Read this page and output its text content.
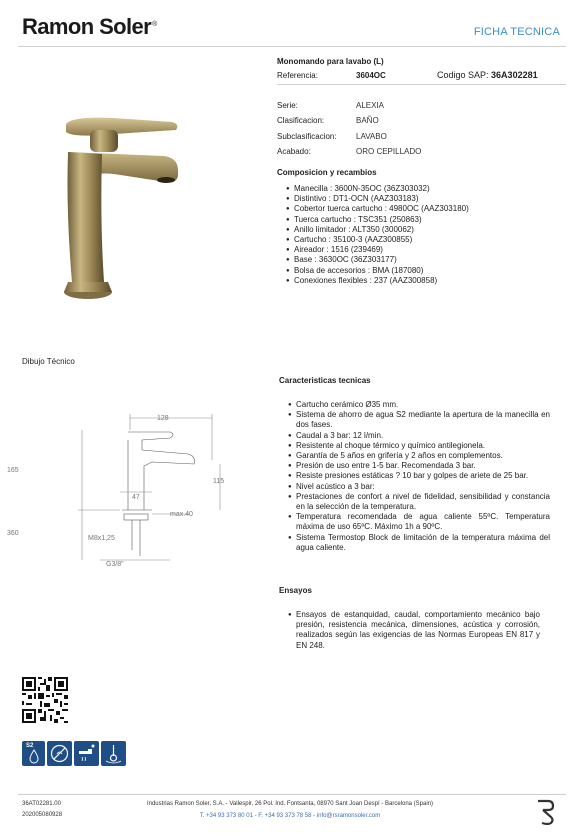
Ramon Soler®
FICHA TECNICA
Monomando para lavabo (L)
Referencia:	3604OC	Codigo SAP: 36A302281
Serie:	ALEXIA
Clasificacion:	BAÑO
Subclasificacion:	LAVABO
Acabado:	ORO CEPILLADO
Composicion y recambios
● Manecilla : 3600N-35OC (36Z303032)
● Distintivo : DT1-OCN (AAZ303183)
● Cobertor tuerca cartucho : 4980OC (AAZ303180)
● Tuerca cartucho : TSC351 (250863)
● Anillo limitador : ALT350 (300062)
● Cartucho : 35100-3 (AAZ300855)
● Aireador : 1516 (239469)
● Base : 3630OC (36Z303177)
● Bolsa de accesorios : BMA (187080)
● Conexiones flexibles : 237 (AAZ300858)
Dibujo Técnico
128
165
115
47
max.40
360
M8x1,25
G3/8"
Caracteristicas tecnicas
● Cartucho cerámico Ø35 mm.
● Sistema de ahorro de agua S2 mediante la apertura de la manecilla en dos fases.
● Caudal a 3 bar: 12 l/min.
● Resistente al choque térmico y químico antilegionela.
● Garantía de 5 años en grifería y 2 años en complementos.
● Presión de uso entre 1-5 bar. Recomendada 3 bar.
● Resiste presiones estáticas ? 10 bar y golpes de ariete de 25 bar.
● Nivel acústico a 3 bar:
● Prestaciones de confort a nivel de fidelidad, sensibilidad y constancia en la selección de la temperatura.
● Temperatura recomendada de agua caliente 55ºC. Temperatura máxima de uso 65ºC. Máximo 1h a 90ºC.
● Sistema Termostop Block de limitación de la temperatura máxima del agua caliente.
Ensayos
● Ensayos de estanquidad, caudal, comportamiento mecánico bajo presión, resistencia mecánica, dimensiones, acústica y corrosión, realizados según las exigencias de las Normas Europeas EN 817 y EN 248.
S2
36AT02281.00
202005080928
Industrias Ramon Soler, S.A. - Vallespir, 26 Pol. Ind. Fontsanta, 08970 Sant Joan Despí - Barcelona (Spain)
T. +34 93 373 80 01 - F. +34 93 373 78 58 - info@rsramonsoler.com
